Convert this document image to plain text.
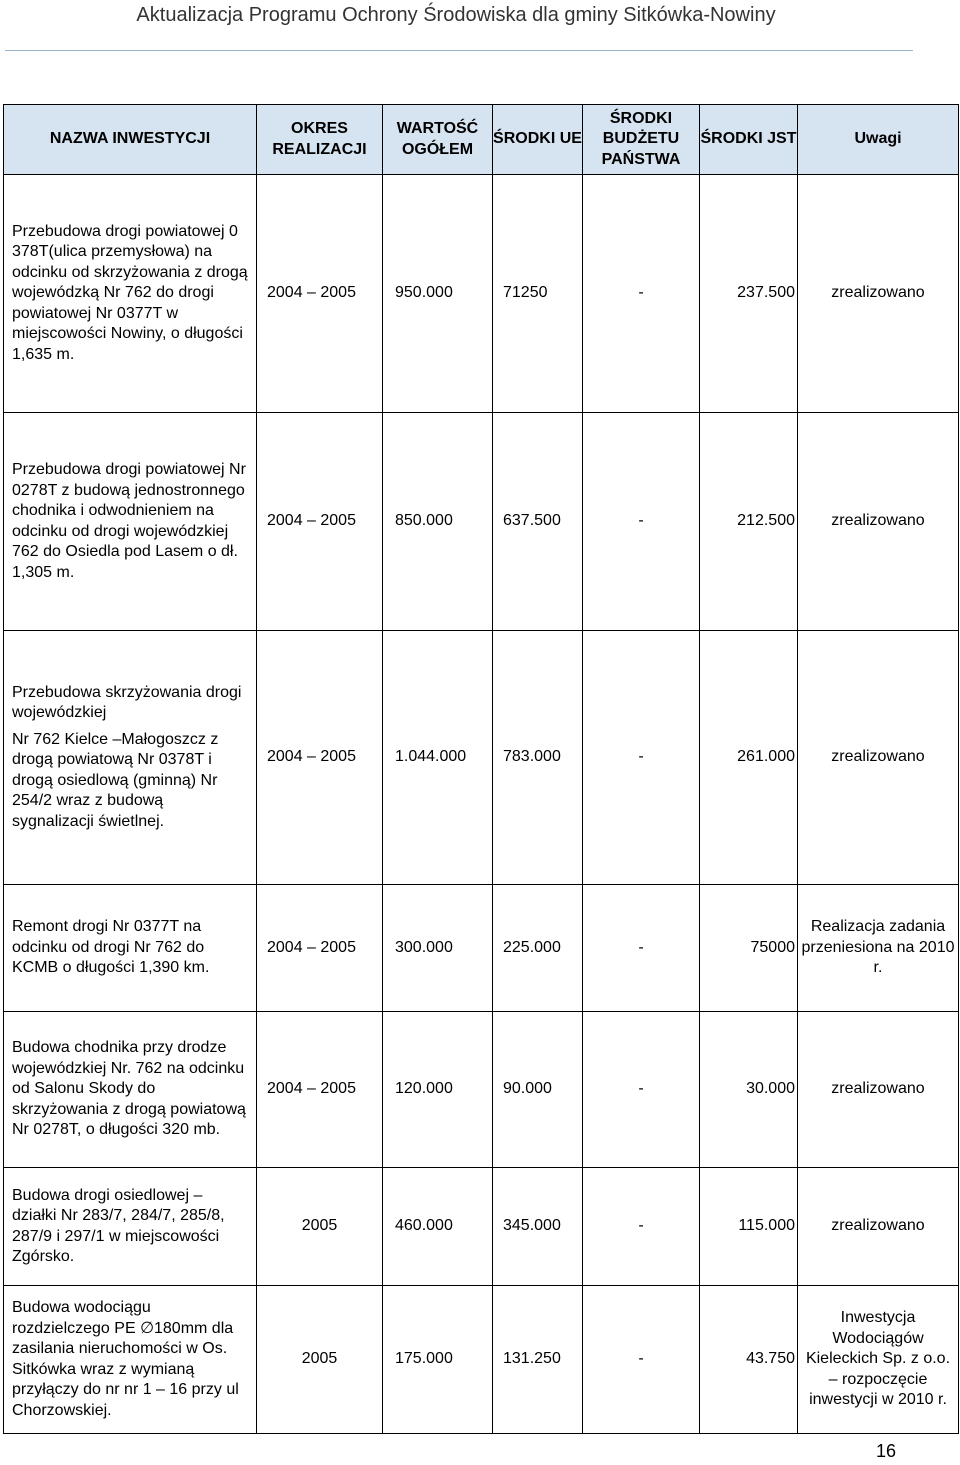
Aktualizacja Programu Ochrony Środowiska dla gminy Sitkówka-Nowiny
NAZWA INWESTYCJI	OKRES REALIZACJI	WARTOŚĆ OGÓŁEM	ŚRODKI UE	ŚRODKI BUDŻETU PAŃSTWA	ŚRODKI JST	Uwagi
Przebudowa drogi powiatowej 0 378T(ulica przemysłowa) na odcinku od skrzyżowania z drogą wojewódzką Nr 762 do drogi powiatowej Nr 0377T w miejscowości Nowiny, o długości 1,635 m.	2004 – 2005	950.000	71250	-	237.500	zrealizowano
Przebudowa drogi powiatowej Nr 0278T z budową jednostronnego chodnika i odwodnieniem na odcinku od drogi wojewódzkiej 762 do Osiedla pod Lasem o dł. 1,305 m.	2004 – 2005	850.000	637.500	-	212.500	zrealizowano

Przebudowa skrzyżowania drogi wojewódzkiej

Nr 762 Kielce –Małogoszcz z drogą powiatową Nr 0378T i drogą osiedlową (gminną) Nr 254/2 wraz z budową sygnalizacji świetlnej.	2004 – 2005	1.044.000	783.000	-	261.000	zrealizowano
Remont drogi Nr 0377T na odcinku od drogi Nr 762 do KCMB o długości 1,390 km.	2004 – 2005	300.000	225.000	-	75000	Realizacja zadania przeniesiona na 2010 r.
Budowa chodnika przy drodze wojewódzkiej Nr. 762 na odcinku od Salonu Skody do skrzyżowania z drogą powiatową Nr 0278T, o długości 320 mb.	2004 – 2005	120.000	90.000	-	30.000	zrealizowano
Budowa drogi osiedlowej – działki Nr 283/7, 284/7, 285/8, 287/9 i 297/1 w miejscowości Zgórsko.	2005	460.000	345.000	-	115.000	zrealizowano
Budowa wodociągu rozdzielczego PE ∅180mm dla zasilania nieruchomości w Os. Sitkówka wraz z wymianą przyłączy do nr nr 1 – 16 przy ul Chorzowskiej.	2005	175.000	131.250	-	43.750	Inwestycja Wodociągów Kieleckich Sp. z o.o. – rozpoczęcie inwestycji w 2010 r.
16
